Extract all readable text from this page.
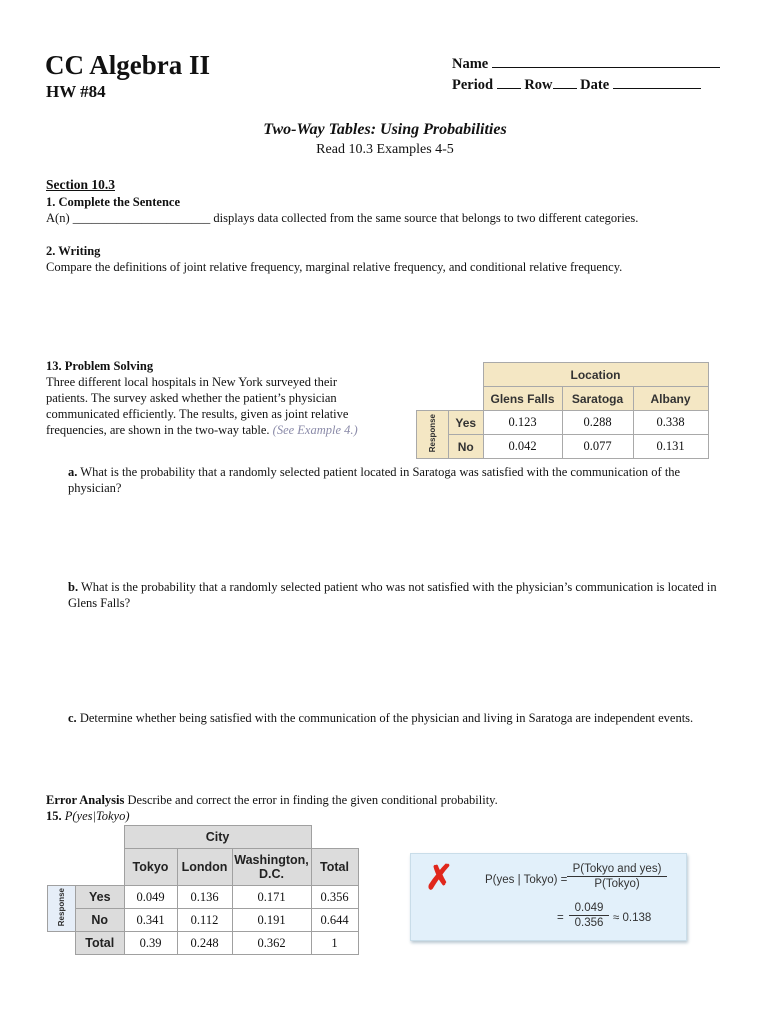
CC Algebra II
HW #84
Name
Period Row Date
Two-Way Tables: Using Probabilities
Read 10.3 Examples 4-5
Section 10.3
1. Complete the Sentence
A(n) ______________________ displays data collected from the same source that belongs to two different categories.
2. Writing
Compare the definitions of joint relative frequency, marginal relative frequency, and conditional relative frequency.
13. Problem Solving
Three different local hospitals in New York surveyed their
patients. The survey asked whether the patient’s physician
communicated efficiently. The results, given as joint relative
frequencies, are shown in the two-way table. (See Example 4.)
		Location		
		Glens Falls	Saratoga	Albany
Response	Yes	0.123	0.288	0.338
	No	0.042	0.077	0.131
a. What is the probability that a randomly selected patient located in Saratoga was satisfied with the communication of the physician?
b. What is the probability that a randomly selected patient who was not satisfied with the physician’s communication is located in Glens Falls?
c. Determine whether being satisfied with the communication of the physician and living in Saratoga are independent events.
Error Analysis Describe and correct the error in finding the given conditional probability.
15. P(yes|Tokyo)
		City			
		Tokyo	London	Washington, D.C.	Total
Response	Yes	0.049	0.136	0.171	0.356
	No	0.341	0.112	0.191	0.644
	Total	0.39	0.248	0.362	1
✗	P(yes | Tokyo) =
P(Tokyo and yes)
P(Tokyo)
= $\frac{0.049}{0.356} \approx 0.138$
